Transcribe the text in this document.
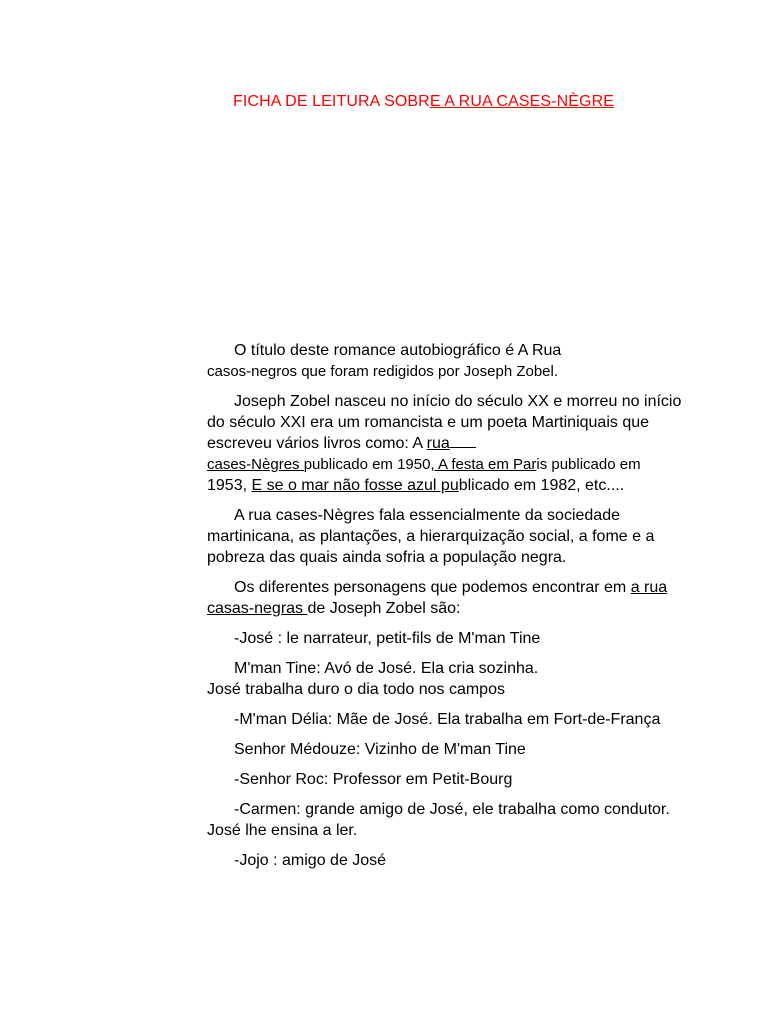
FICHA DE LEITURA SOBRE A RUA CASES-NÈGRE

O título deste romance autobiográfico é A Rua
casos-negros que foram redigidos por Joseph Zobel.

Joseph Zobel nasceu no início do século XX e morreu no início do século XXI era um romancista e um poeta Martiniquais que escreveu vários livros como: A rua
cases-Nègres publicado em 1950, A festa em Paris publicado em
1953, E se o mar não fosse azul publicado em 1982, etc....

A rua cases-Nègres fala essencialmente da sociedade martinicana, as plantações, a hierarquização social, a fome e a pobreza das quais ainda sofria a população negra.

Os diferentes personagens que podemos encontrar em a rua casas-negras de Joseph Zobel são:

-José : le narrateur, petit-fils de M'man Tine

M'man Tine: Avó de José. Ela cria sozinha.
José trabalha duro o dia todo nos campos

-M'man Délia: Mãe de José. Ela trabalha em Fort-de-França

Senhor Médouze: Vizinho de M'man Tine

-Senhor Roc: Professor em Petit-Bourg

-Carmen: grande amigo de José, ele trabalha como condutor. José lhe ensina a ler.

-Jojo : amigo de José
